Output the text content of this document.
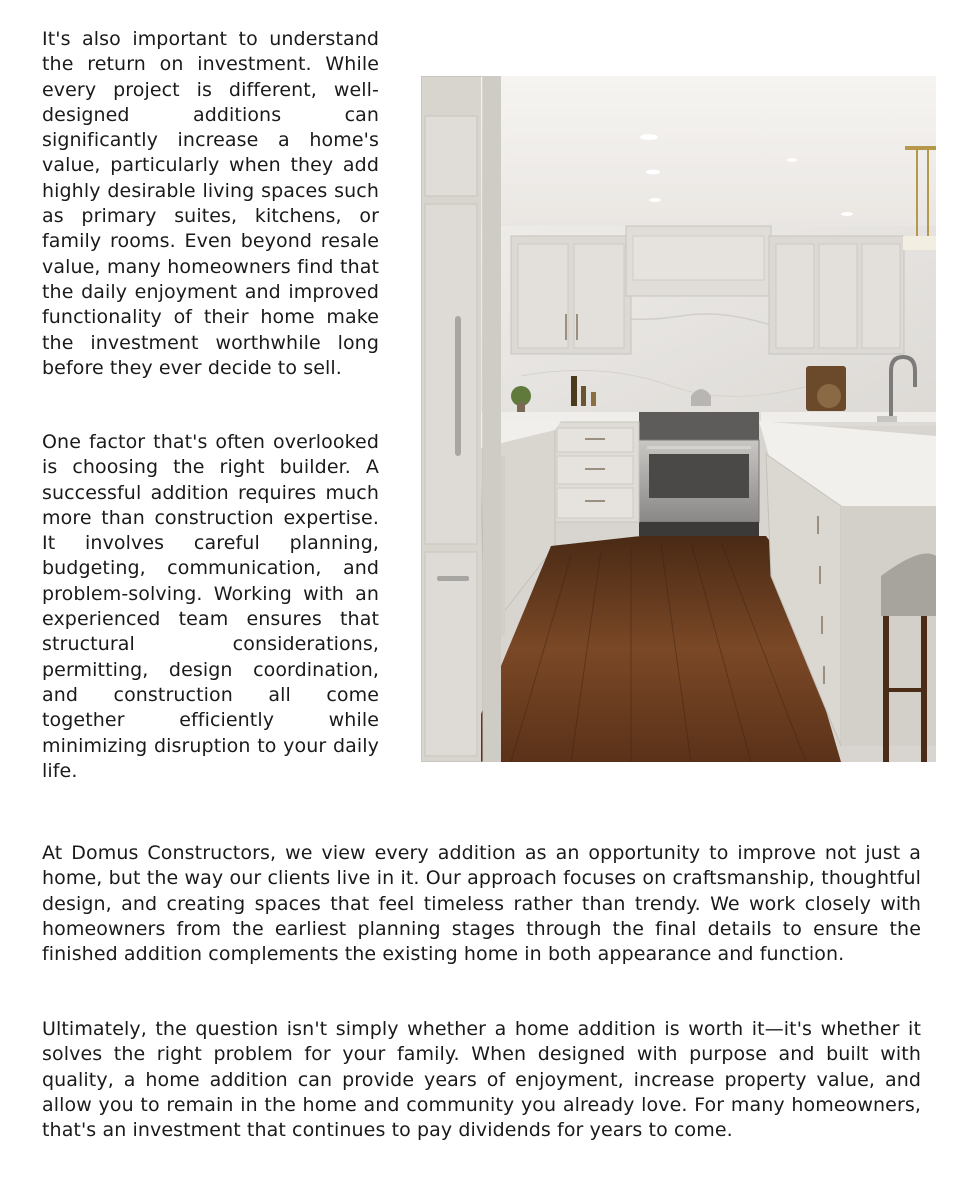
It's also important to understand the return on investment. While every project is different, well-designed additions can significantly increase a home's value, particularly when they add highly desirable living spaces such as primary suites, kitchens, or family rooms. Even beyond resale value, many homeowners find that the daily enjoyment and improved functionality of their home make the investment worthwhile long before they ever decide to sell.

One factor that's often overlooked is choosing the right builder. A successful addition requires much more than construction expertise. It involves careful planning, budgeting, communication, and problem-solving. Working with an experienced team ensures that structural considerations, permitting, design coordination, and construction all come together efficiently while minimizing disruption to your daily life.

At Domus Constructors, we view every addition as an opportunity to improve not just a home, but the way our clients live in it. Our approach focuses on craftsmanship, thoughtful design, and creating spaces that feel timeless rather than trendy. We work closely with homeowners from the earliest planning stages through the final details to ensure the finished addition complements the existing home in both appearance and function.

Ultimately, the question isn't simply whether a home addition is worth it—it's whether it solves the right problem for your family. When designed with purpose and built with quality, a home addition can provide years of enjoyment, increase property value, and allow you to remain in the home and community you already love. For many homeowners, that's an investment that continues to pay dividends for years to come.
